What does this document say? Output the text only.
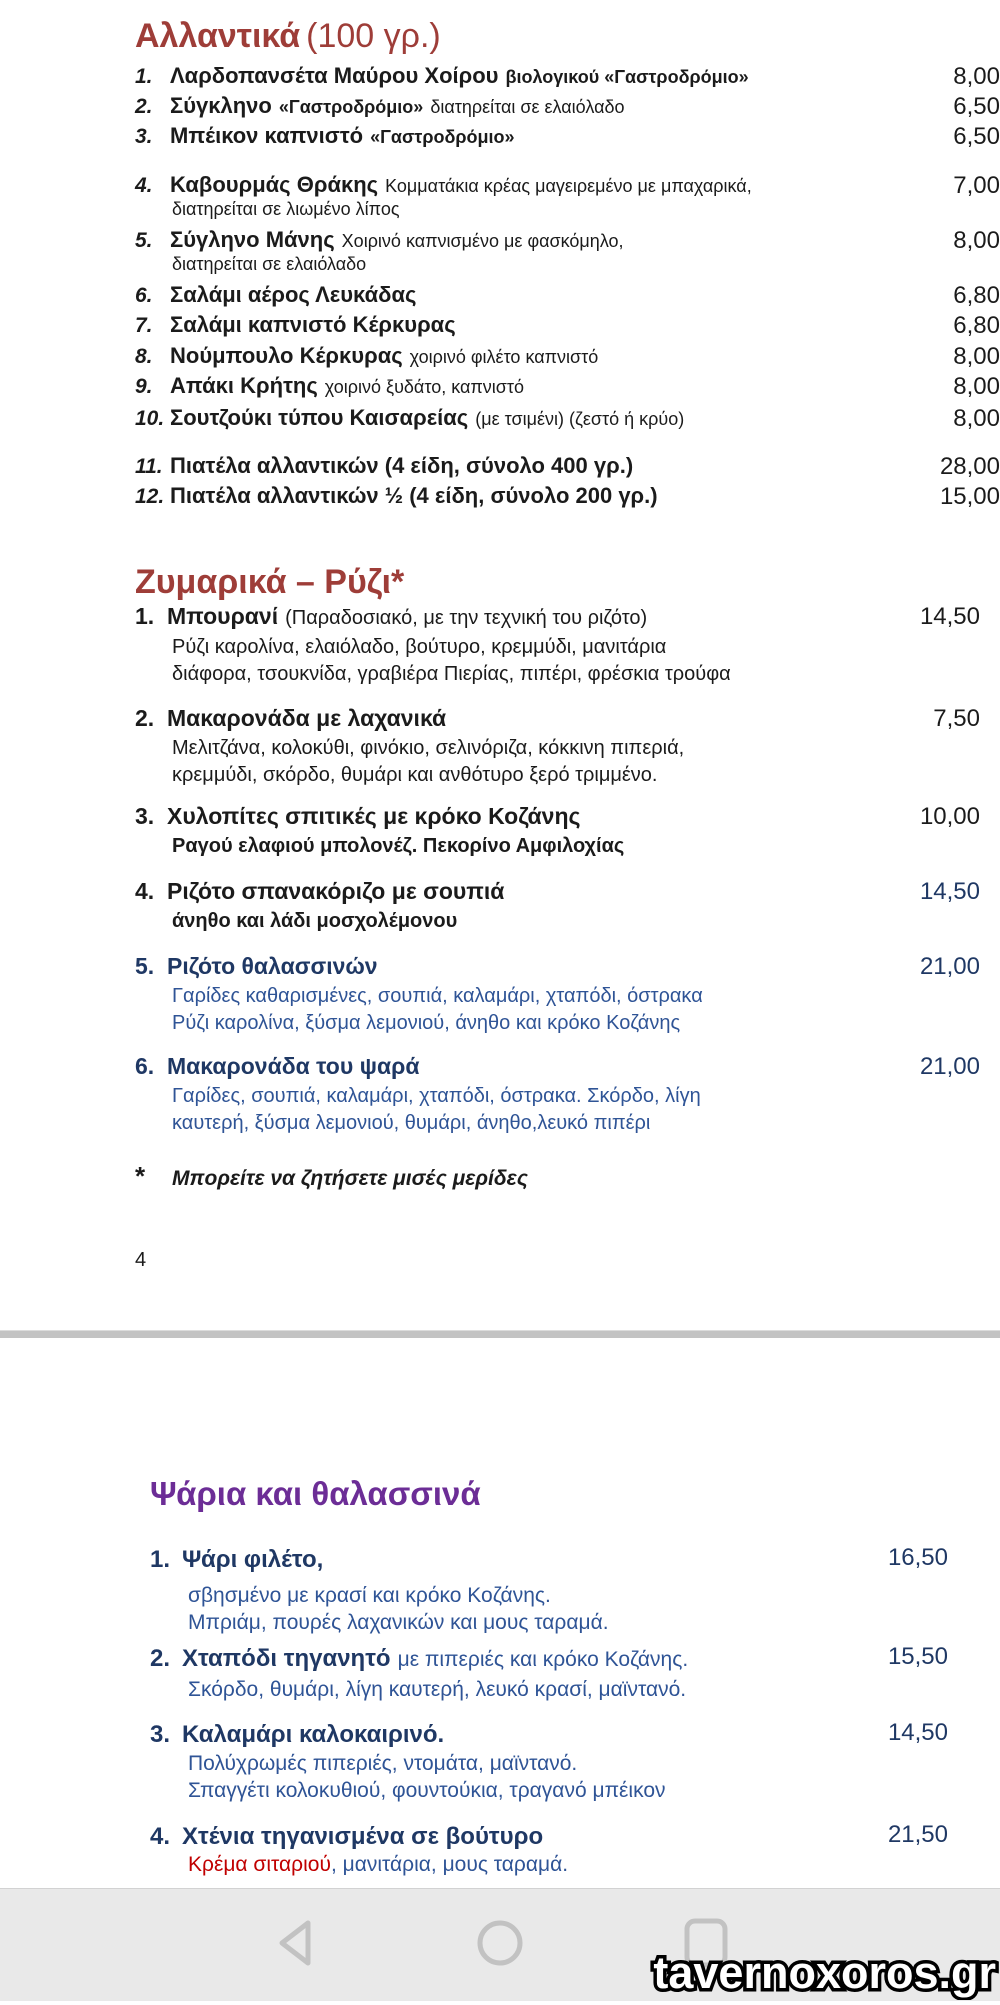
Αλλαντικά (100 γρ.)
1. Λαρδοπανσέτα Μαύρου Χοίρου βιολογικού «Γαστροδρόμιο»	8,00
2. Σύγκληνο «Γαστροδρόμιο» διατηρείται σε ελαιόλαδο	6,50
3. Μπέικον καπνιστό «Γαστροδρόμιο»	6,50
4. Καβουρμάς Θράκης Κομματάκια κρέας μαγειρεμένο με μπαχαρικά,	7,00
διατηρείται σε λιωμένο λίπος
5. Σύγληνο Μάνης Χοιρινό καπνισμένο με φασκόμηλο,	8,00
διατηρείται σε ελαιόλαδο
6. Σαλάμι αέρος Λευκάδας	6,80
7. Σαλάμι καπνιστό Κέρκυρας	6,80
8. Νούμπουλο Κέρκυρας χοιρινό φιλέτο καπνιστό	8,00
9. Απάκι Κρήτης χοιρινό ξυδάτο, καπνιστό	8,00
10. Σουτζούκι τύπου Καισαρείας (με τσιμένι) (ζεστό ή κρύο)	8,00
11. Πιατέλα αλλαντικών (4 είδη, σύνολο 400 γρ.)	28,00
12. Πιατέλα αλλαντικών ½ (4 είδη, σύνολο 200 γρ.)	15,00
Ζυμαρικά – Ρύζι*
1. Μπουρανί (Παραδοσιακό, με την τεχνική του ριζότο)	14,50
Ρύζι καρολίνα, ελαιόλαδο, βούτυρο, κρεμμύδι, μανιτάρια
διάφορα, τσουκνίδα, γραβιέρα Πιερίας, πιπέρι, φρέσκια τρούφα
2. Μακαρονάδα με λαχανικά	7,50
Μελιτζάνα, κολοκύθι, φινόκιο, σελινόριζα, κόκκινη πιπεριά,
κρεμμύδι, σκόρδο, θυμάρι και ανθότυρο ξερό τριμμένο.
3. Χυλοπίτες σπιτικές με κρόκο Κοζάνης	10,00
Ραγού ελαφιού μπολονέζ. Πεκορίνο Αμφιλοχίας
4. Ριζότο σπανακόριζο με σουπιά	14,50
άνηθο και λάδι μοσχολέμονου
5. Ριζότο θαλασσινών	21,00
Γαρίδες καθαρισμένες, σουπιά, καλαμάρι, χταπόδι, όστρακα
Ρύζι καρολίνα, ξύσμα λεμονιού, άνηθο και κρόκο Κοζάνης
6. Μακαρονάδα του ψαρά	21,00
Γαρίδες, σουπιά, καλαμάρι, χταπόδι, όστρακα. Σκόρδο, λίγη
καυτερή, ξύσμα λεμονιού, θυμάρι, άνηθο,λευκό πιπέρι
* Μπορείτε να ζητήσετε μισές μερίδες
4
Ψάρια και θαλασσινά
1. Ψάρι φιλέτο,	16,50
σβησμένο με κρασί και κρόκο Κοζάνης.
Μπριάμ, πουρές λαχανικών και μους ταραμά.
2. Χταπόδι τηγανητό με πιπεριές και κρόκο Κοζάνης.	15,50
Σκόρδο, θυμάρι, λίγη καυτερή, λευκό κρασί, μαϊντανό.
3. Καλαμάρι καλοκαιρινό.	14,50
Πολύχρωμές πιπεριές, ντομάτα, μαϊντανό.
Σπαγγέτι κολοκυθιού, φουντούκια, τραγανό μπέικον
4. Χτένια τηγανισμένα σε βούτυρο	21,50
Κρέμα σιταριού, μανιτάρια, μους ταραμά.
tavernoxoros.gr
